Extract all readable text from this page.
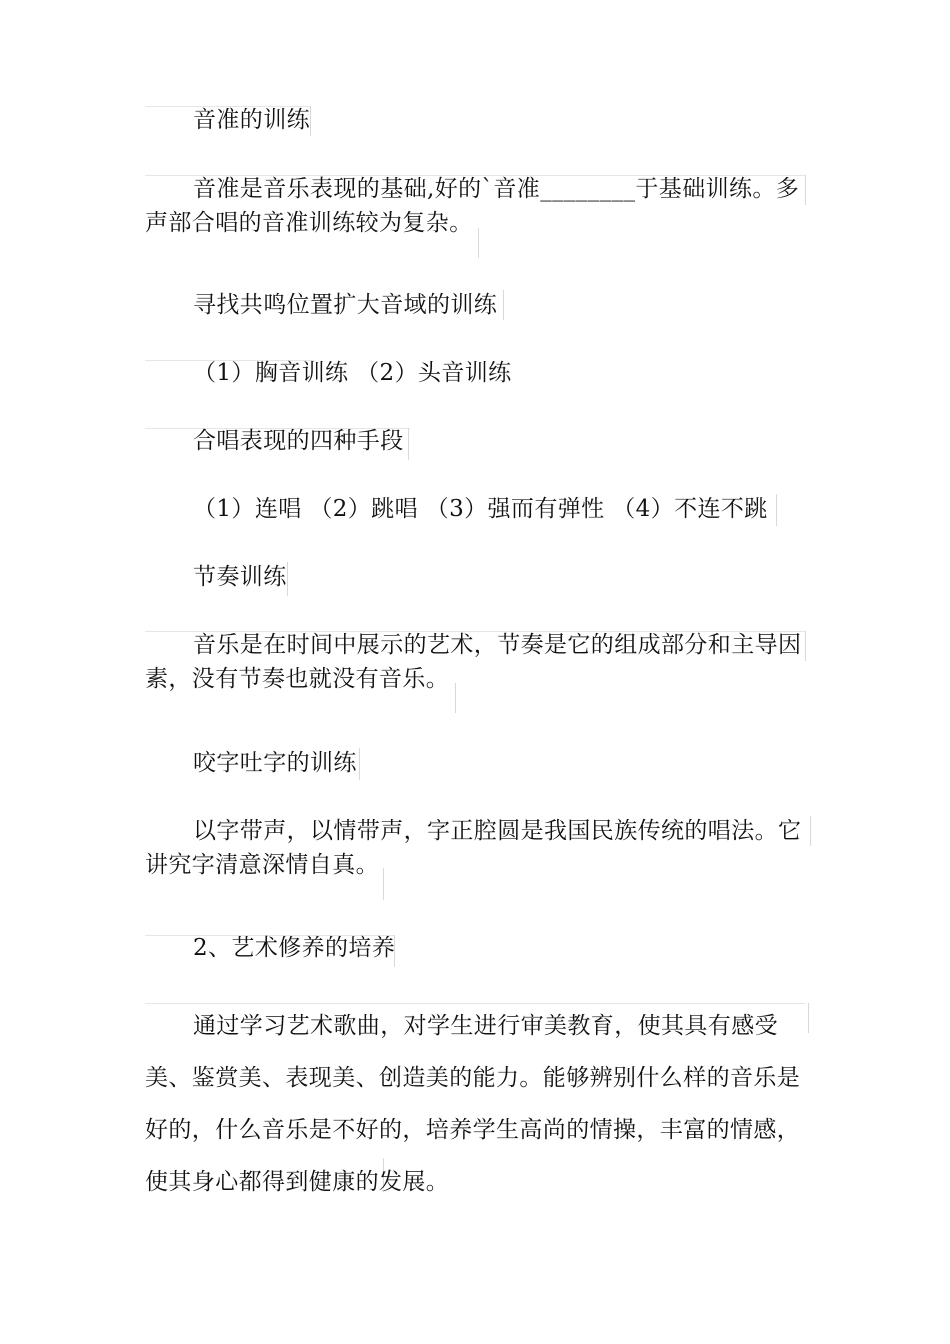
音准的训练

音准是音乐表现的基础,好的`音准________于基础训练。多声部合唱的音准训练较为复杂。

寻找共鸣位置扩大音域的训练

（1）胸音训练 （2）头音训练

合唱表现的四种手段

（1）连唱 （2）跳唱 （3）强而有弹性 （4）不连不跳

节奏训练

音乐是在时间中展示的艺术，节奏是它的组成部分和主导因素，没有节奏也就没有音乐。

咬字吐字的训练

以字带声，以情带声，字正腔圆是我国民族传统的唱法。它讲究字清意深情自真。

2、艺术修养的培养

通过学习艺术歌曲，对学生进行审美教育，使其具有感受美、鉴赏美、表现美、创造美的能力。能够辨别什么样的音乐是好的，什么音乐是不好的，培养学生高尚的情操，丰富的情感，使其身心都得到健康的发展。
